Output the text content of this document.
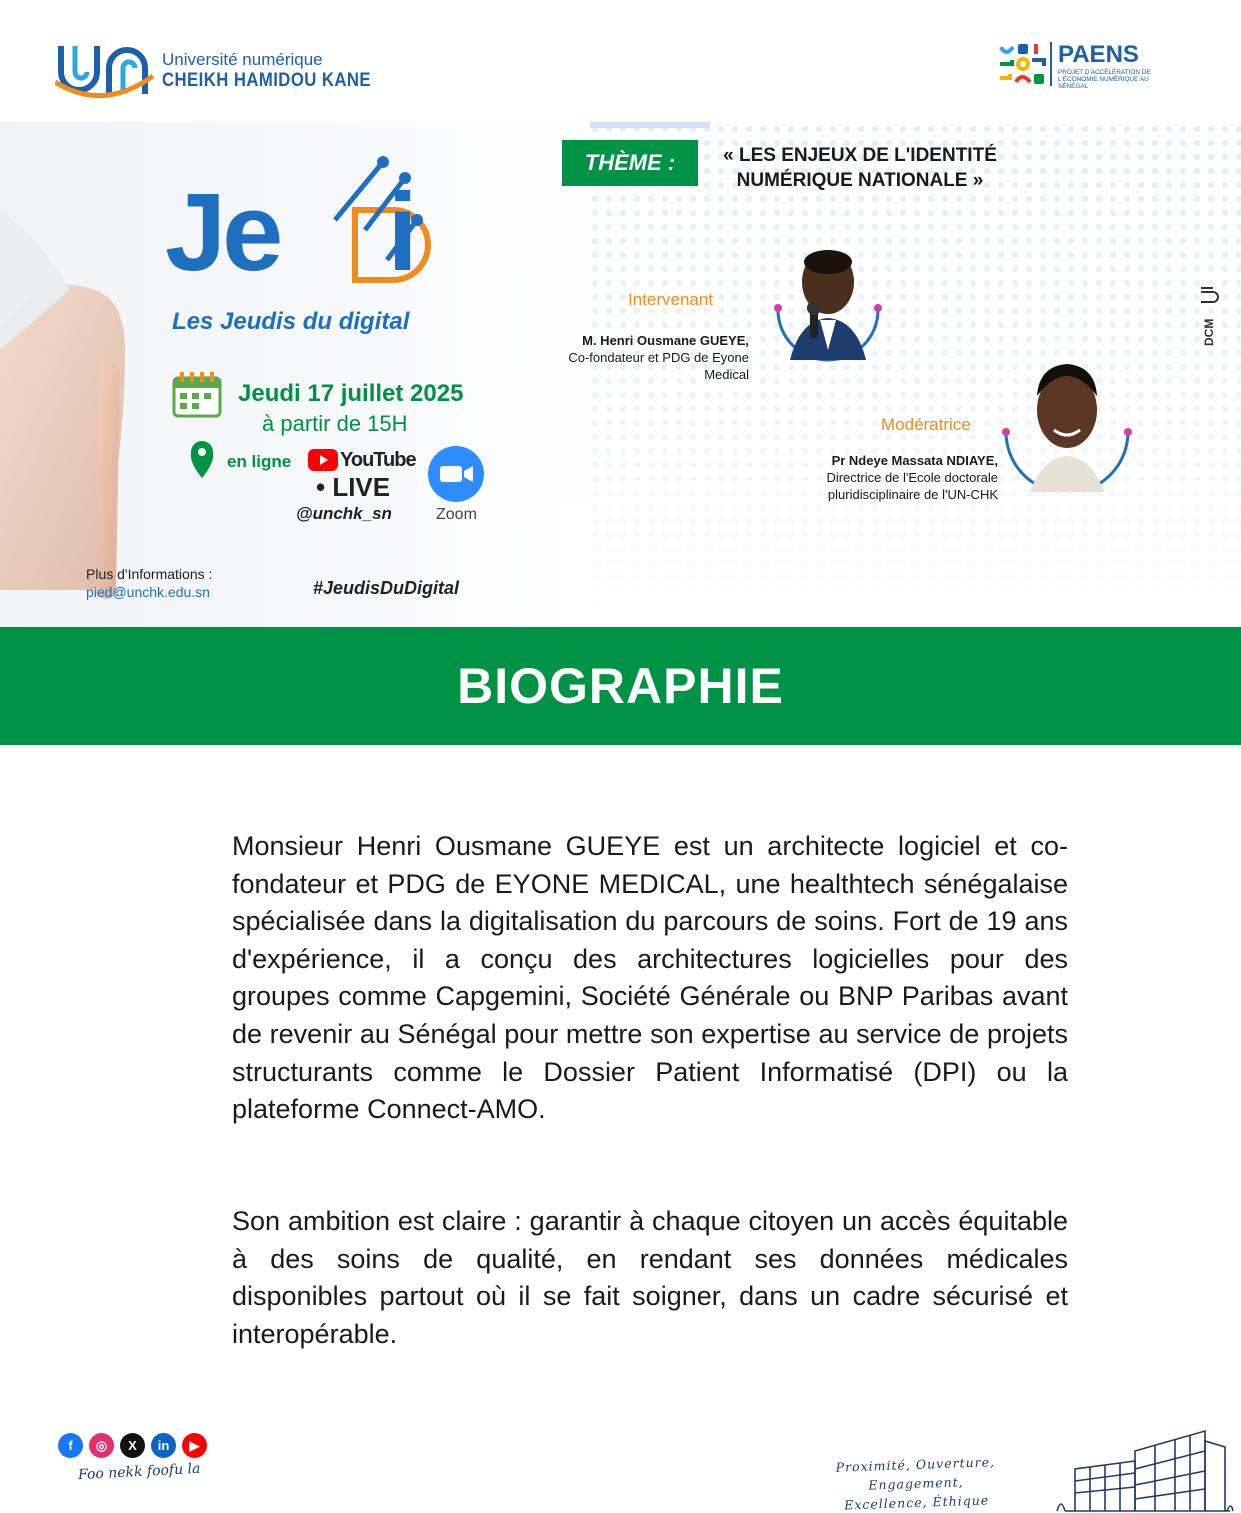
Université numérique
CHEIKH HAMIDOU KANE
PAENS
PROJET D'ACCÉLÉRATION DE L'ÉCONOMIE NUMÉRIQUE AU SÉNÉGAL
Je i
Les Jeudis du digital
Jeudi 17 juillet 2025
à partir de 15H
en ligne YouTube
• LIVE
@unchk_sn	Zoom
Plus d'Informations :
pied@unchk.edu.sn	#JeudisDuDigital
THÈME :	« LES ENJEUX DE L'IDENTITÉ NUMÉRIQUE NATIONALE »
Intervenant
M. Henri Ousmane GUEYE,
Co-fondateur et PDG de Eyone Medical
Modératrice
Pr Ndeye Massata NDIAYE,
Directrice de l'Ecole doctorale pluridisciplinaire de l'UN-CHK
DCM
BIOGRAPHIE

Monsieur Henri Ousmane GUEYE est un architecte logiciel et co-fondateur et PDG de EYONE MEDICAL, une healthtech sénégalaise spécialisée dans la digitalisation du parcours de soins. Fort de 19 ans d'expérience, il a conçu des architectures logicielles pour des groupes comme Capgemini, Société Générale ou BNP Paribas avant de revenir au Sénégal pour mettre son expertise au service de projets structurants comme le Dossier Patient Informatisé (DPI) ou la plateforme Connect-AMO.

Son ambition est claire : garantir à chaque citoyen un accès équitable à des soins de qualité, en rendant ses données médicales disponibles partout où il se fait soigner, dans un cadre sécurisé et interopérable.

f ◎ X in ▶
Foo nekk foofu la	Proximité, Ouverture, Engagement,
Excellence, Éthique
